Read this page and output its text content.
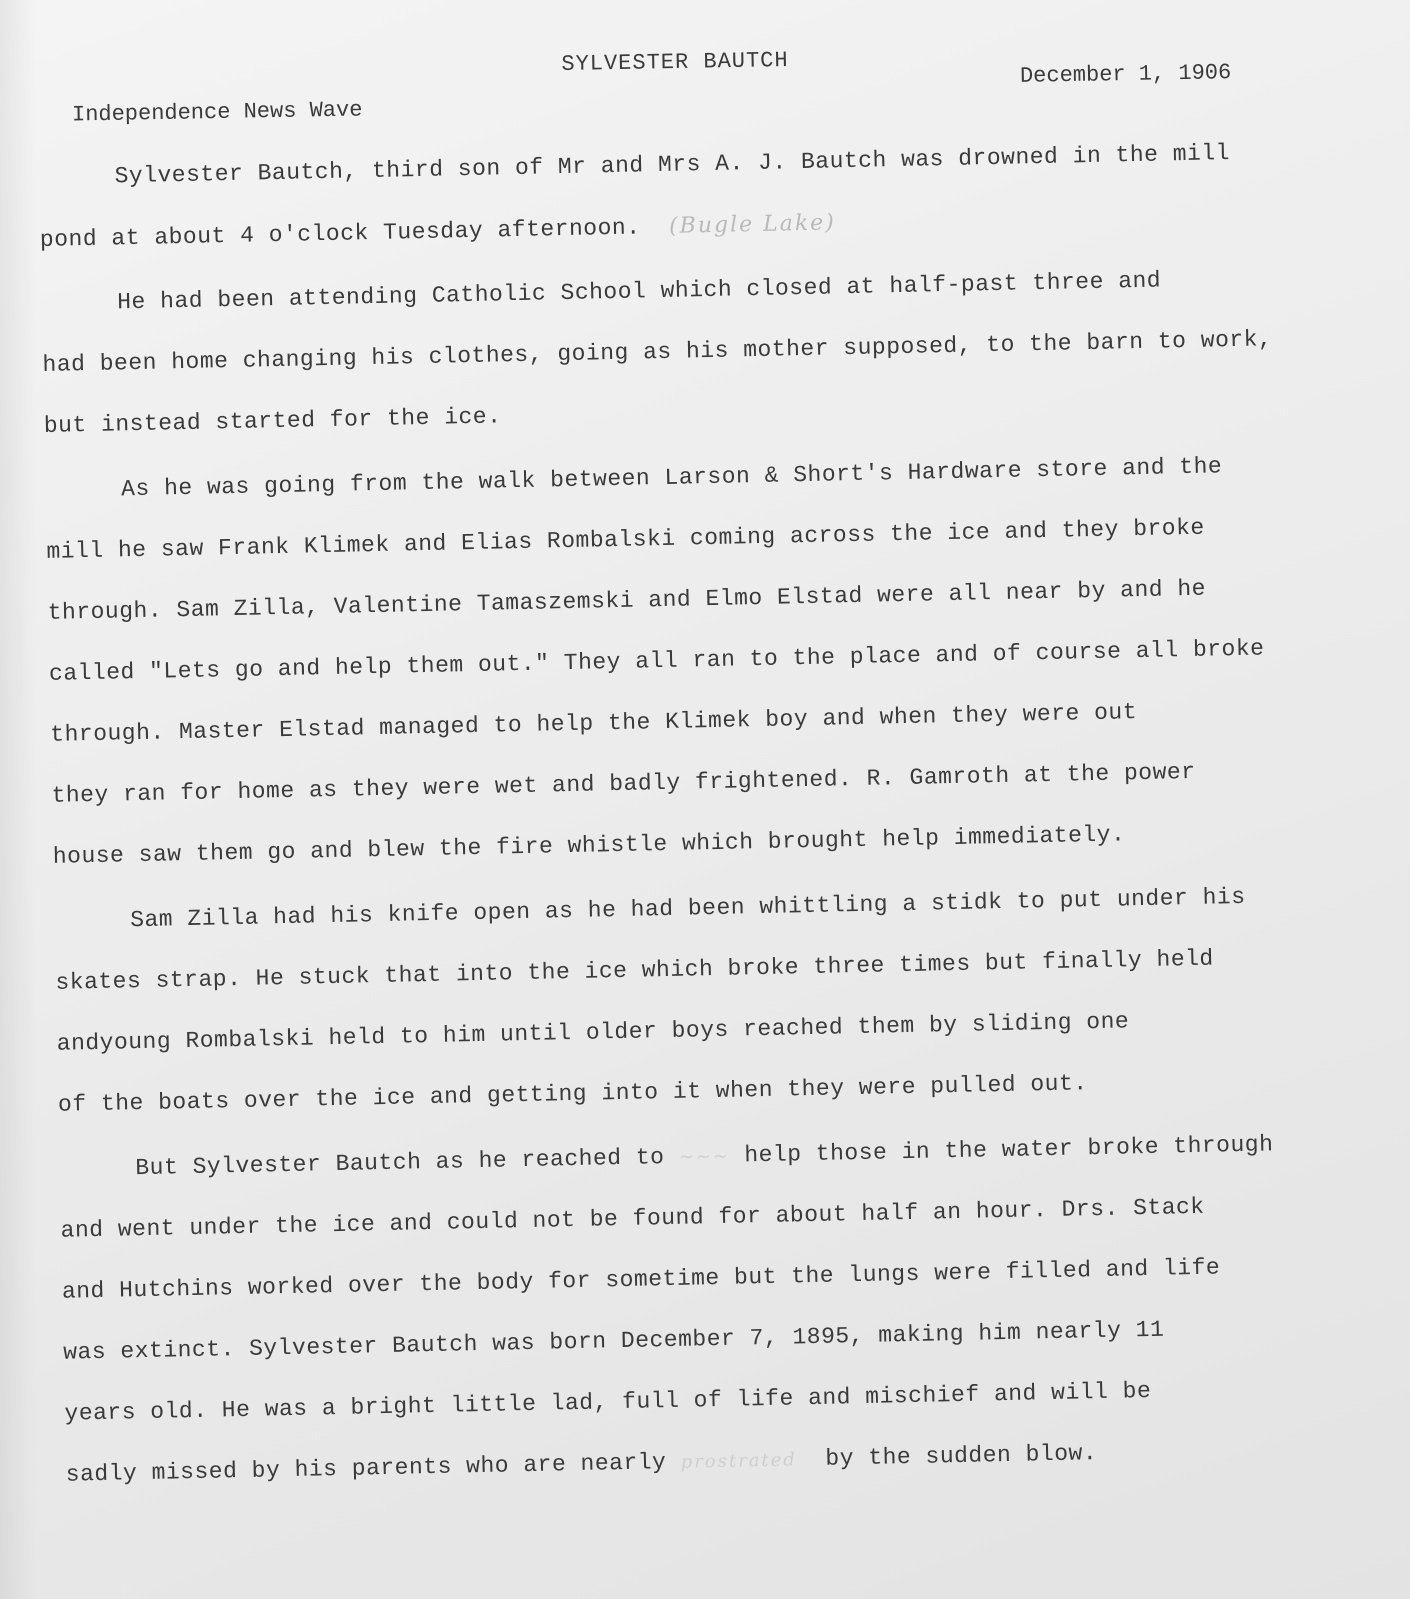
SYLVESTER BAUTCH	December 1, 1906
Independence News Wave
Sylvester Bautch, third son of Mr and Mrs A. J. Bautch was drowned in the mill
pond at about 4 o'clock Tuesday afternoon. (Bugle Lake)
He had been attending Catholic School which closed at half-past three and
had been home changing his clothes, going as his mother supposed, to the barn to work,
but instead started for the ice.
As he was going from the walk between Larson & Short's Hardware store and the
mill he saw Frank Klimek and Elias Rombalski coming across the ice and they broke
through. Sam Zilla, Valentine Tamaszemski and Elmo Elstad were all near by and he
called "Lets go and help them out." They all ran to the place and of course all broke
through. Master Elstad managed to help the Klimek boy and when they were out
they ran for home as they were wet and badly frightened. R. Gamroth at the power
house saw them go and blew the fire whistle which brought help immediately.
Sam Zilla had his knife open as he had been whittling a stidk to put under his
skates strap. He stuck that into the ice which broke three times but finally held
andyoung Rombalski held to him until older boys reached them by sliding one
of the boats over the ice and getting into it when they were pulled out.
But Sylvester Bautch as he reached to ~~~ help those in the water broke through
and went under the ice and could not be found for about half an hour. Drs. Stack
and Hutchins worked over the body for sometime but the lungs were filled and life
was extinct. Sylvester Bautch was born December 7, 1895, making him nearly 11
years old. He was a bright little lad, full of life and mischief and will be
sadly missed by his parents who are nearly prostrated by the sudden blow.
